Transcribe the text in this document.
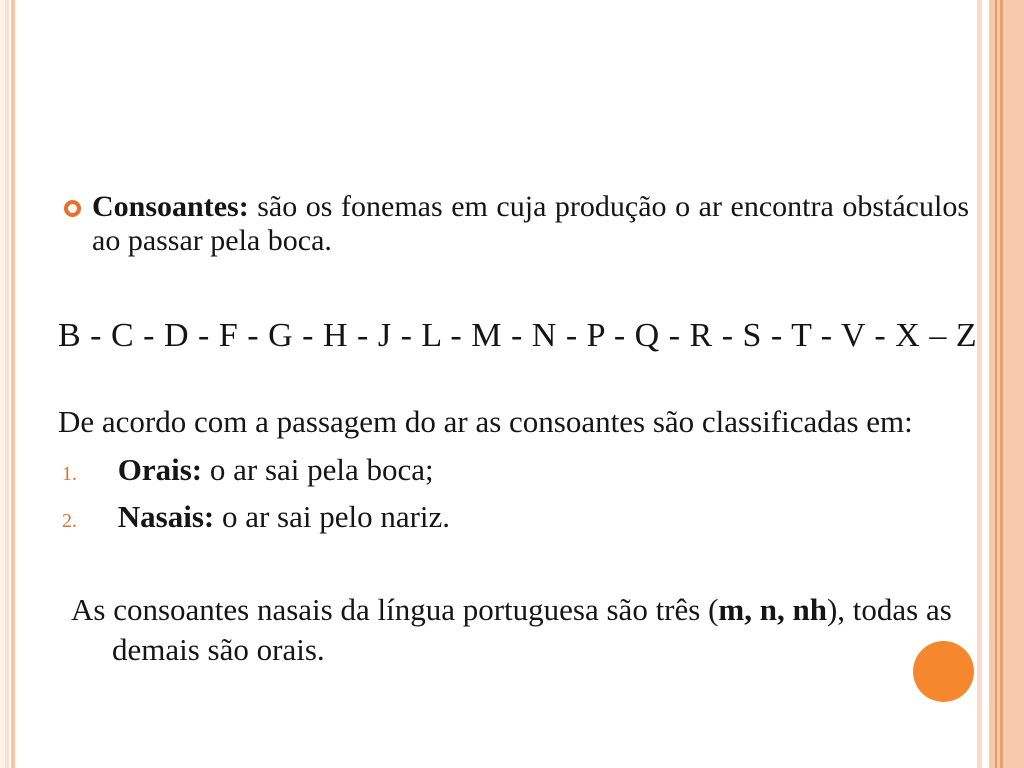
Consoantes: são os fonemas em cuja produção o ar encontra obstáculos ao passar pela boca.
B - C - D - F - G - H - J - L - M - N - P - Q - R - S - T - V - X – Z
De acordo com a passagem do ar as consoantes são classificadas em:
1. Orais: o ar sai pela boca;
2. Nasais: o ar sai pelo nariz.
As consoantes nasais da língua portuguesa são três (m, n, nh), todas as demais são orais.
